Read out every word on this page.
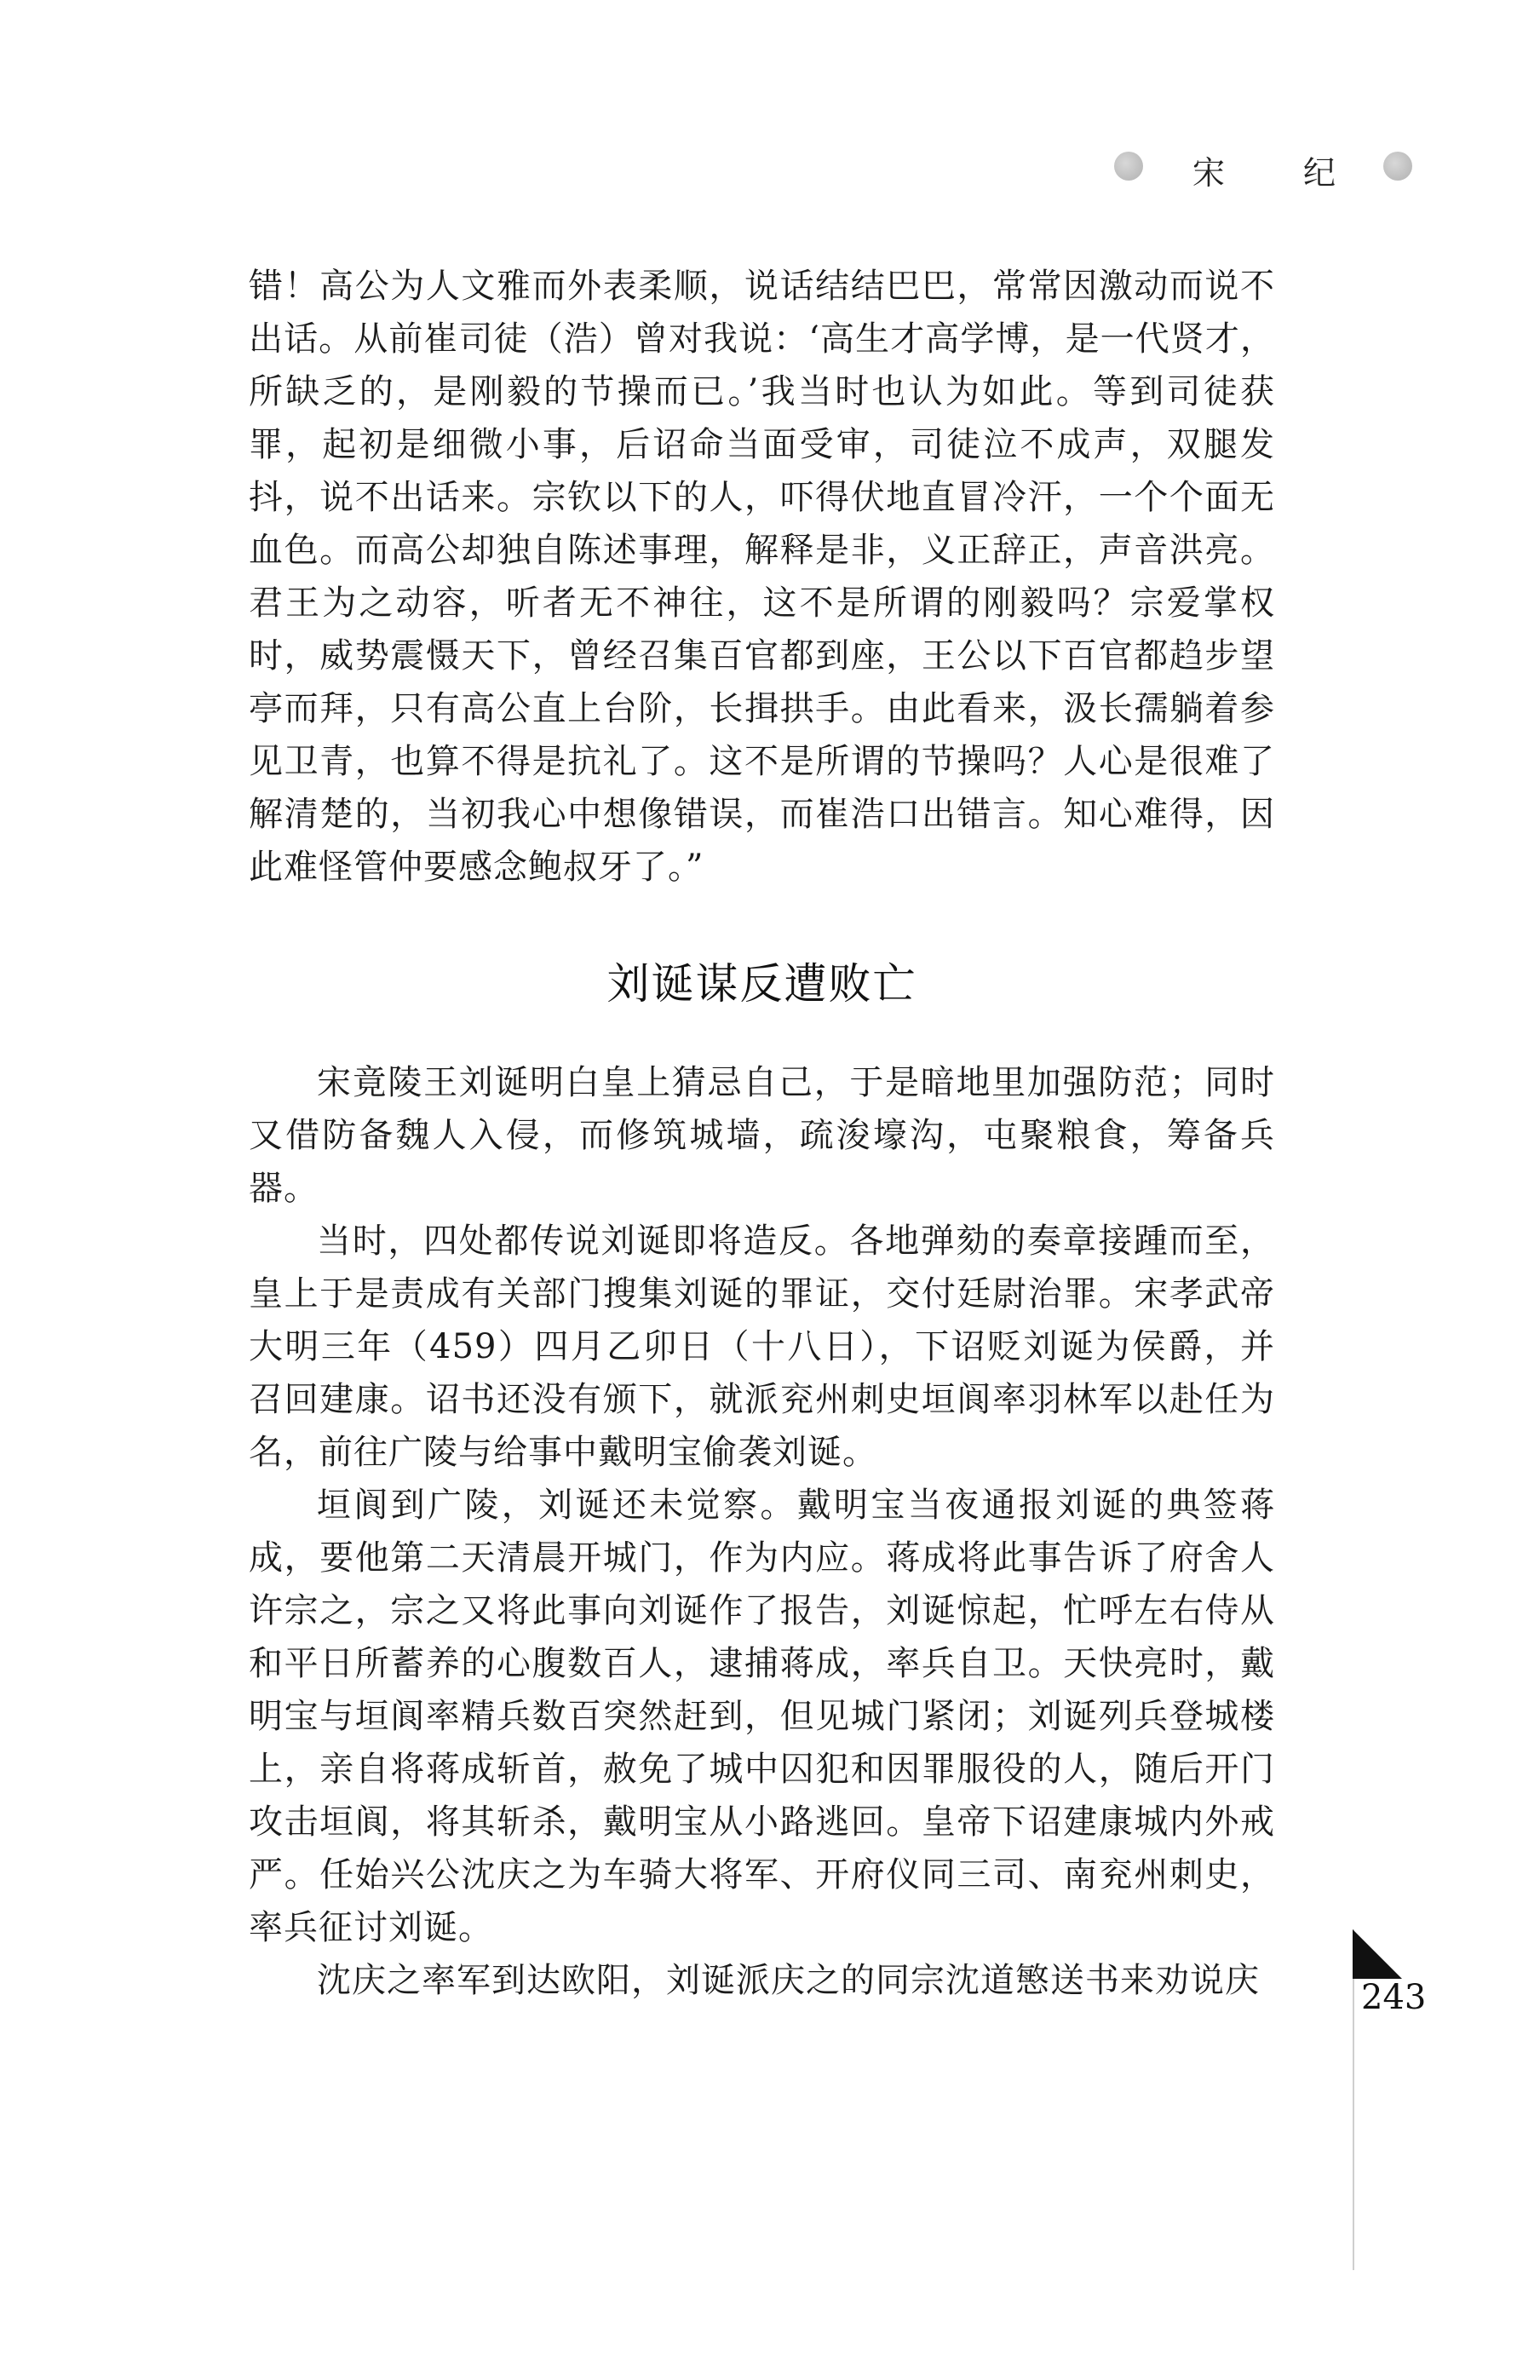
宋 纪

错！高公为人文雅而外表柔顺，说话结结巴巴，常常因激动而说不出话。从前崔司徒（浩）曾对我说：‘高生才高学博，是一代贤才，所缺乏的，是刚毅的节操而已。’我当时也认为如此。等到司徒获罪，起初是细微小事，后诏命当面受审，司徒泣不成声，双腿发抖，说不出话来。宗钦以下的人，吓得伏地直冒冷汗，一个个面无血色。而高公却独自陈述事理，解释是非，义正辞正，声音洪亮。君王为之动容，听者无不神往，这不是所谓的刚毅吗？宗爱掌权时，威势震慑天下，曾经召集百官都到座，王公以下百官都趋步望亭而拜，只有高公直上台阶，长揖拱手。由此看来，汲长孺躺着参见卫青，也算不得是抗礼了。这不是所谓的节操吗？人心是很难了解清楚的，当初我心中想像错误，而崔浩口出错言。知心难得，因此难怪管仲要感念鲍叔牙了。”

刘诞谋反遭败亡

宋竟陵王刘诞明白皇上猜忌自己，于是暗地里加强防范；同时又借防备魏人入侵，而修筑城墙，疏浚壕沟，屯聚粮食，筹备兵器。

当时，四处都传说刘诞即将造反。各地弹劾的奏章接踵而至，皇上于是责成有关部门搜集刘诞的罪证，交付廷尉治罪。宋孝武帝大明三年（459）四月乙卯日（十八日），下诏贬刘诞为侯爵，并召回建康。诏书还没有颁下，就派兖州刺史垣阆率羽林军以赴任为名，前往广陵与给事中戴明宝偷袭刘诞。

垣阆到广陵，刘诞还未觉察。戴明宝当夜通报刘诞的典签蒋成，要他第二天清晨开城门，作为内应。蒋成将此事告诉了府舍人许宗之，宗之又将此事向刘诞作了报告，刘诞惊起，忙呼左右侍从和平日所蓄养的心腹数百人，逮捕蒋成，率兵自卫。天快亮时，戴明宝与垣阆率精兵数百突然赶到，但见城门紧闭；刘诞列兵登城楼上，亲自将蒋成斩首，赦免了城中囚犯和因罪服役的人，随后开门攻击垣阆，将其斩杀，戴明宝从小路逃回。皇帝下诏建康城内外戒严。任始兴公沈庆之为车骑大将军、开府仪同三司、南兖州刺史，率兵征讨刘诞。

沈庆之率军到达欧阳，刘诞派庆之的同宗沈道慜送书来劝说庆	243
